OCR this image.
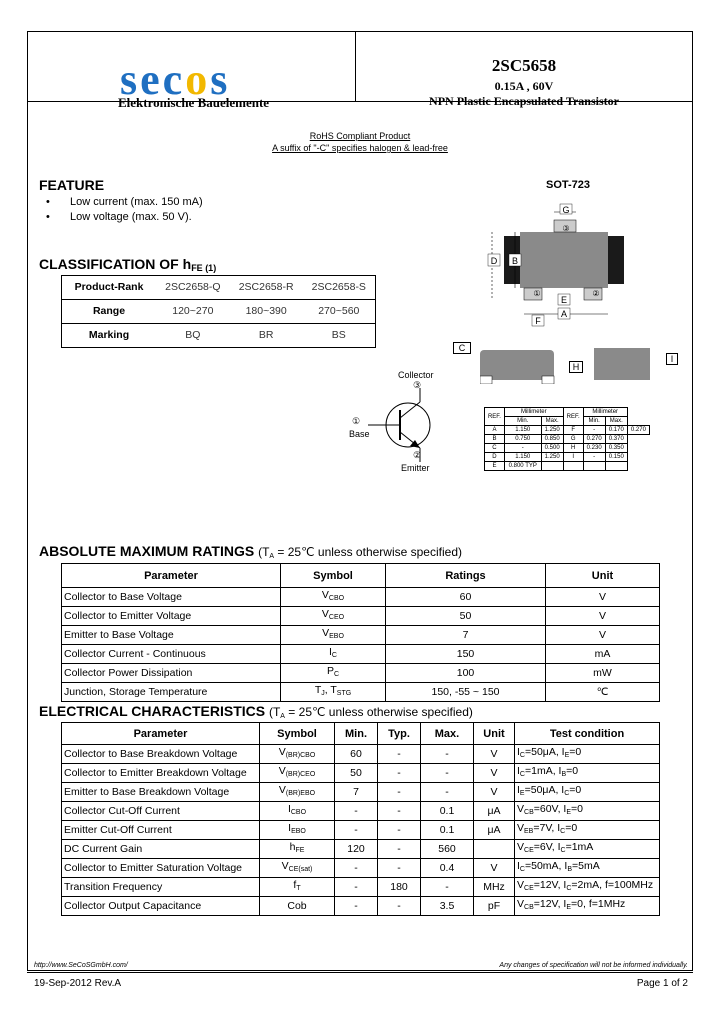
secos
Elektronische Bauelemente
2SC5658
0.15A , 60V
NPN Plastic Encapsulated Transistor
RoHS Compliant Product
A suffix of "-C" specifies halogen & lead-free
FEATURE
• Low current (max. 150 mA)
• Low voltage (max. 50 V).
SOT-723
G
③
①	②
D B
E
A
F
C
H
I
CLASSIFICATION OF $h_{FE (1)}$
Product-Rank	2SC2658-Q	2SC2658-R	2SC2658-S
Range	120~270	180~390	270~560
Marking	BQ	BR	BS
Collector
③
①
Base
②
Emitter
REF.	Millimeter		REF.	Millimeter		
	Min.	Max.		Min.	Max.	
A	1.150	1.250	F	-	0.170	0.270
B	0.750	0.850	G	0.270	0.370	
C	-	0.500	H	0.230	0.350	
D	1.150	1.250	I	-	0.150	
E	0.800 TYP					
ABSOLUTE MAXIMUM RATINGS ($T_A$ = 25℃ unless otherwise specified)
Parameter	Symbol	Ratings	Unit
Collector to Base Voltage	$V_{CBO}$	60	V
Collector to Emitter Voltage	$V_{CEO}$	50	V
Emitter to Base Voltage	$V_{EBO}$	7	V
Collector Current - Continuous	$I_C$	150	mA
Collector Power Dissipation	$P_C$	100	mW
Junction, Storage Temperature	$T_J$, $T_{STG}$	150, -55 ~ 150	℃
ELECTRICAL CHARACTERISTICS ($T_A$ = 25℃ unless otherwise specified)
Parameter	Symbol	Min.	Typ.	Max.	Unit	Test condition
Collector to Base Breakdown Voltage	$V_{(BR)CBO}$	60	-	-	V	$I_C=50\mu A$, $I_E=0$
Collector to Emitter Breakdown Voltage	$V_{(BR)CEO}$	50	-	-	V	$I_C=1mA$, $I_B=0$
Emitter to Base Breakdown Voltage	$V_{(BR)EBO}$	7	-	-	V	$I_E=50\mu A$, $I_C=0$
Collector Cut-Off Current	$I_{CBO}$	-	-	0.1	μA	$V_{CB}=60V$, $I_E=0$
Emitter Cut-Off Current	$I_{EBO}$	-	-	0.1	μA	$V_{EB}=7V$, $I_C=0$
DC Current Gain	$h_{FE}$	120	-	560		$V_{CE}=6V$, $I_C=1mA$
Collector to Emitter Saturation Voltage	$V_{CE(sat)}$	-	-	0.4	V	$I_C=50mA$, $I_B=5mA$
Transition Frequency	$f_T$	-	180	-	MHz	$V_{CE}=12V$, $I_C=2mA$, f=100MHz
Collector Output Capacitance	Cob	-	-	3.5	pF	$V_{CB}=12V$, $I_E=0$, f=1MHz
http://www.SeCoSGmbH.com/	Any changes of specification will not be informed individually.
19-Sep-2012 Rev.A	Page 1 of 2
